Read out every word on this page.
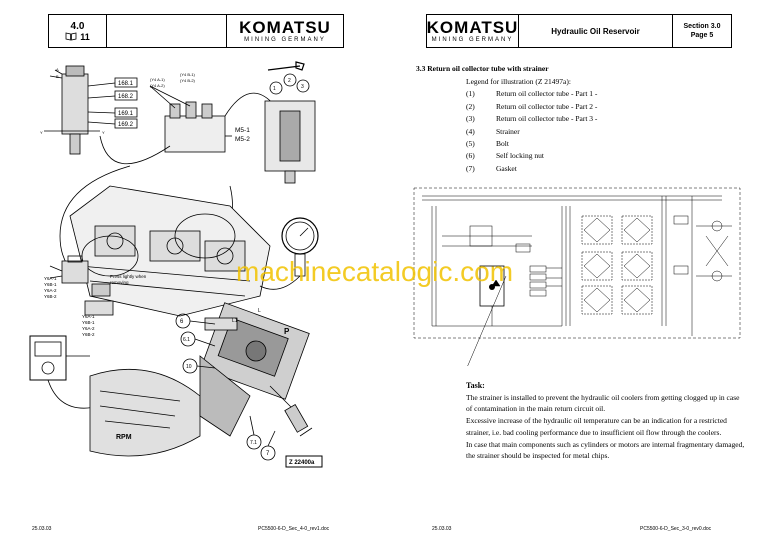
4.0
11	KOMATSU
MINING GERMANY
168.1
168.2
169.1
169.2
M5-1
M5-2
6
6.1
10
7.1
7
P
1
2
3
(Y4 A-1)
(Y4 A-2)
(Y4 B-1)
(Y4 B-2)
A
B
Y	Y
L
L1
Y6A-1
Y6B-1
Y6A-2
Y6B-2
Y6A-1
Y6B-1
Y6A-2
Y6B-2
Press lightly when removing
RPM
Z 22400a
25.03.03	PC5500-6-D_Sec_4-0_rev1.doc
KOMATSU
MINING GERMANY
Hydraulic Oil Reservoir	Section 3.0
Page 5
3.3 Return oil collector tube with strainer
Legend for illustration (Z 21497a):
(1)	Return oil collector tube - Part 1 -
(2)	Return oil collector tube - Part 2 -
(3)	Return oil collector tube - Part 3 -
(4)	Strainer
(5)	Bolt
(6)	Self locking nut
(7)	Gasket
Task:
The strainer is installed to prevent the hydraulic oil coolers from getting clogged up in case of contamination in the main return circuit oil.
Excessive increase of the hydraulic oil temperature can be an indication for a restricted strainer, i.e. bad cooling performance due to insufficient oil flow through the coolers.
In case that main components such as cylinders or motors are internal fragmentary damaged, the strainer should be inspected for metal chips.
25.03.03	PC5500-6-D_Sec_3-0_rev0.doc
machinecatalogic.com
